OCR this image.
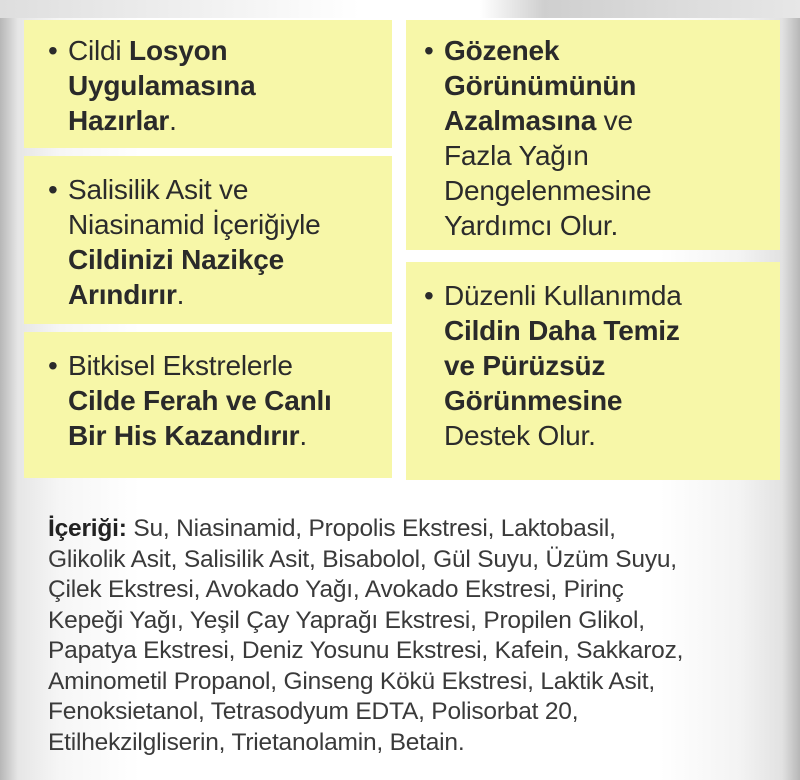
• Cildi Losyon
Uygulamasına
Hazırlar.
• Salisilik Asit ve
Niasinamid İçeriğiyle
Cildinizi Nazikçe
Arındırır.
• Bitkisel Ekstrelerle
Cilde Ferah ve Canlı
Bir His Kazandırır.
• Gözenek
Görünümünün
Azalmasına ve
Fazla Yağın
Dengelenmesine
Yardımcı Olur.
• Düzenli Kullanımda
Cildin Daha Temiz
ve Pürüzsüz
Görünmesine
Destek Olur.
İçeriği: Su, Niasinamid, Propolis Ekstresi, Laktobasil,
Glikolik Asit, Salisilik Asit, Bisabolol, Gül Suyu, Üzüm Suyu,
Çilek Ekstresi, Avokado Yağı, Avokado Ekstresi, Pirinç
Kepeği Yağı, Yeşil Çay Yaprağı Ekstresi, Propilen Glikol,
Papatya Ekstresi, Deniz Yosunu Ekstresi, Kafein, Sakkaroz,
Aminometil Propanol, Ginseng Kökü Ekstresi, Laktik Asit,
Fenoksietanol, Tetrasodyum EDTA, Polisorbat 20,
Etilhekzilgliserin, Trietanolamin, Betain.
